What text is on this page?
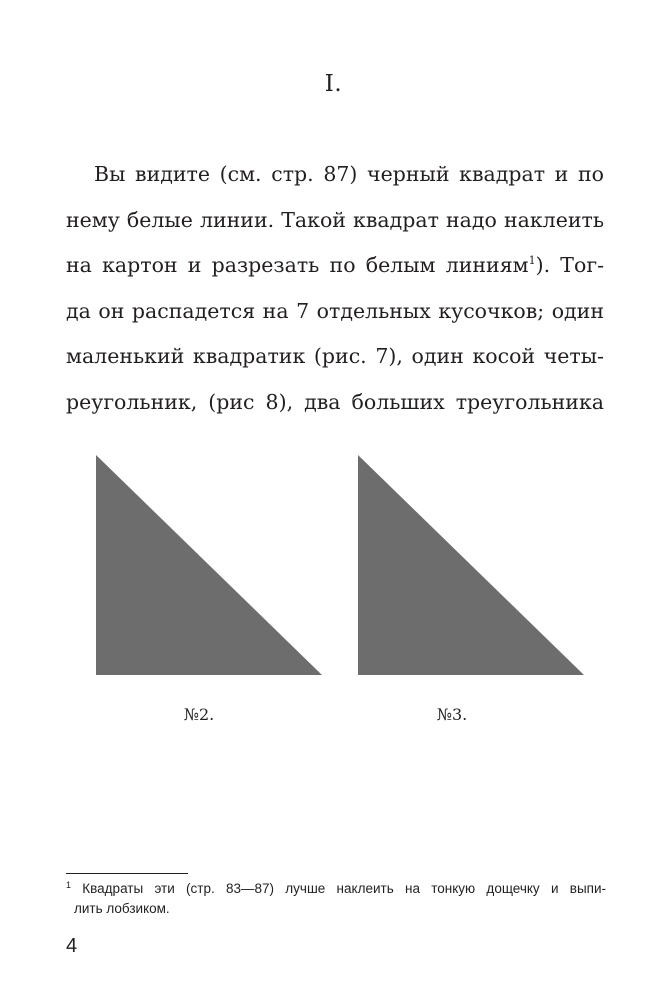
I.
Вы видите (см. стр. 87) черный квадрат и по
нему белые линии. Такой квадрат надо наклеить
на картон и разрезать по белым линиям$^1$). Тог-
да он распадется на 7 отдельных кусочков; один
маленький квадратик (рис. 7), один косой четы-
реугольник, (рис 8), два больших треугольника
№2.	№3.
$^1$ Квадраты эти (стр. 83—87) лучше наклеить на тонкую дощечку и выпи-
лить лобзиком.
4
